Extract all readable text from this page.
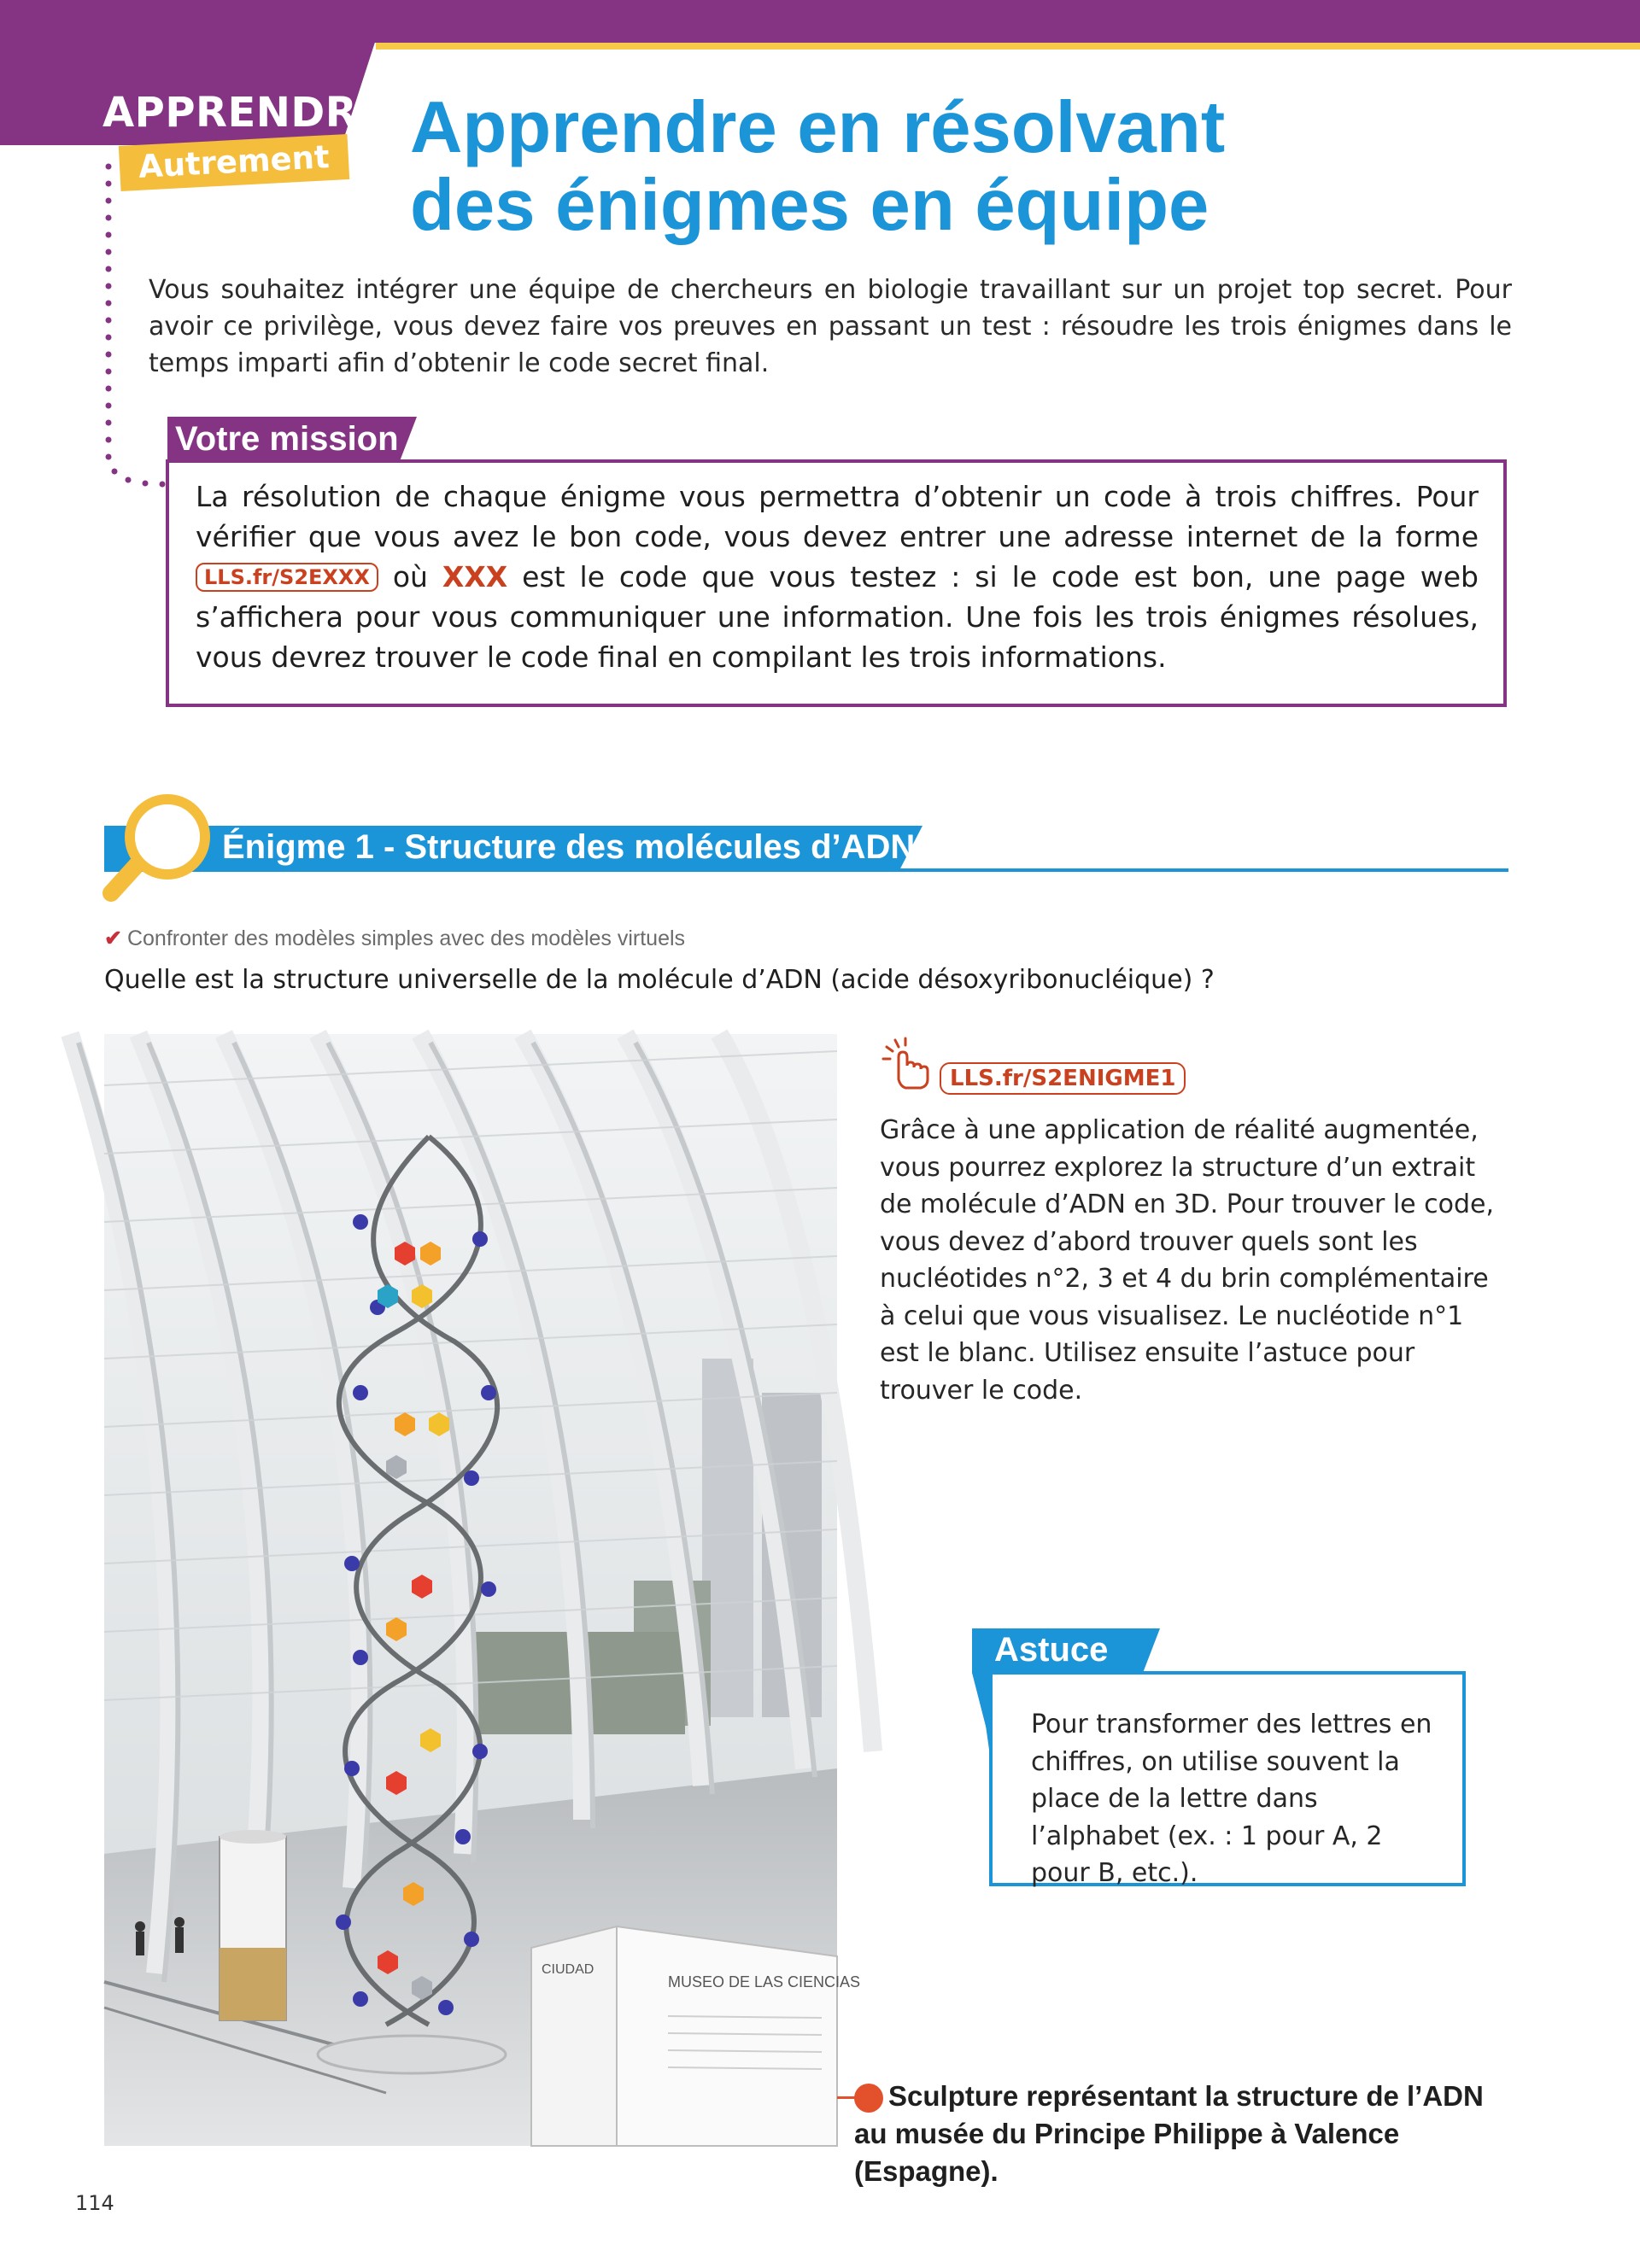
APPRENDRE
Autrement Apprendre en résolvant
des énigmes en équipe
Vous souhaitez intégrer une équipe de chercheurs en biologie travaillant sur un projet top secret. Pour avoir ce privilège, vous devez faire vos preuves en passant un test : résoudre les trois énigmes dans le temps imparti afin d’obtenir le code secret final.
Votre mission
La résolution de chaque énigme vous permettra d’obtenir un code à trois chiffres. Pour vérifier que vous avez le bon code, vous devez entrer une adresse internet de la forme LLS.fr/S2EXXX où XXX est le code que vous testez : si le code est bon, une page web s’affichera pour vous communiquer une information. Une fois les trois énigmes résolues, vous devrez trouver le code final en compilant les trois informations.
Énigme 1 - Structure des molécules d’ADN
✔ Confronter des modèles simples avec des modèles virtuels
Quelle est la structure universelle de la molécule d’ADN (acide désoxyribonucléique) ?
CIUDAD
MUSEO DE LAS CIENCIAS
LLS.fr/S2ENIGME1
Grâce à une application de réalité augmentée, vous pourrez explorez la structure d’un extrait de molécule d’ADN en 3D. Pour trouver le code, vous devez d’abord trouver quels sont les nucléotides n°2, 3 et 4 du brin complémentaire à celui que vous visualisez. Le nucléotide n°1 est le blanc. Utilisez ensuite l’astuce pour trouver le code.
Astuce
Pour transformer des lettres en chiffres, on utilise souvent la place de la lettre dans l’alphabet (ex. : 1 pour A, 2 pour B, etc.).
Sculpture représentant la structure de l’ADN au musée du Principe Philippe à Valence (Espagne).
114
